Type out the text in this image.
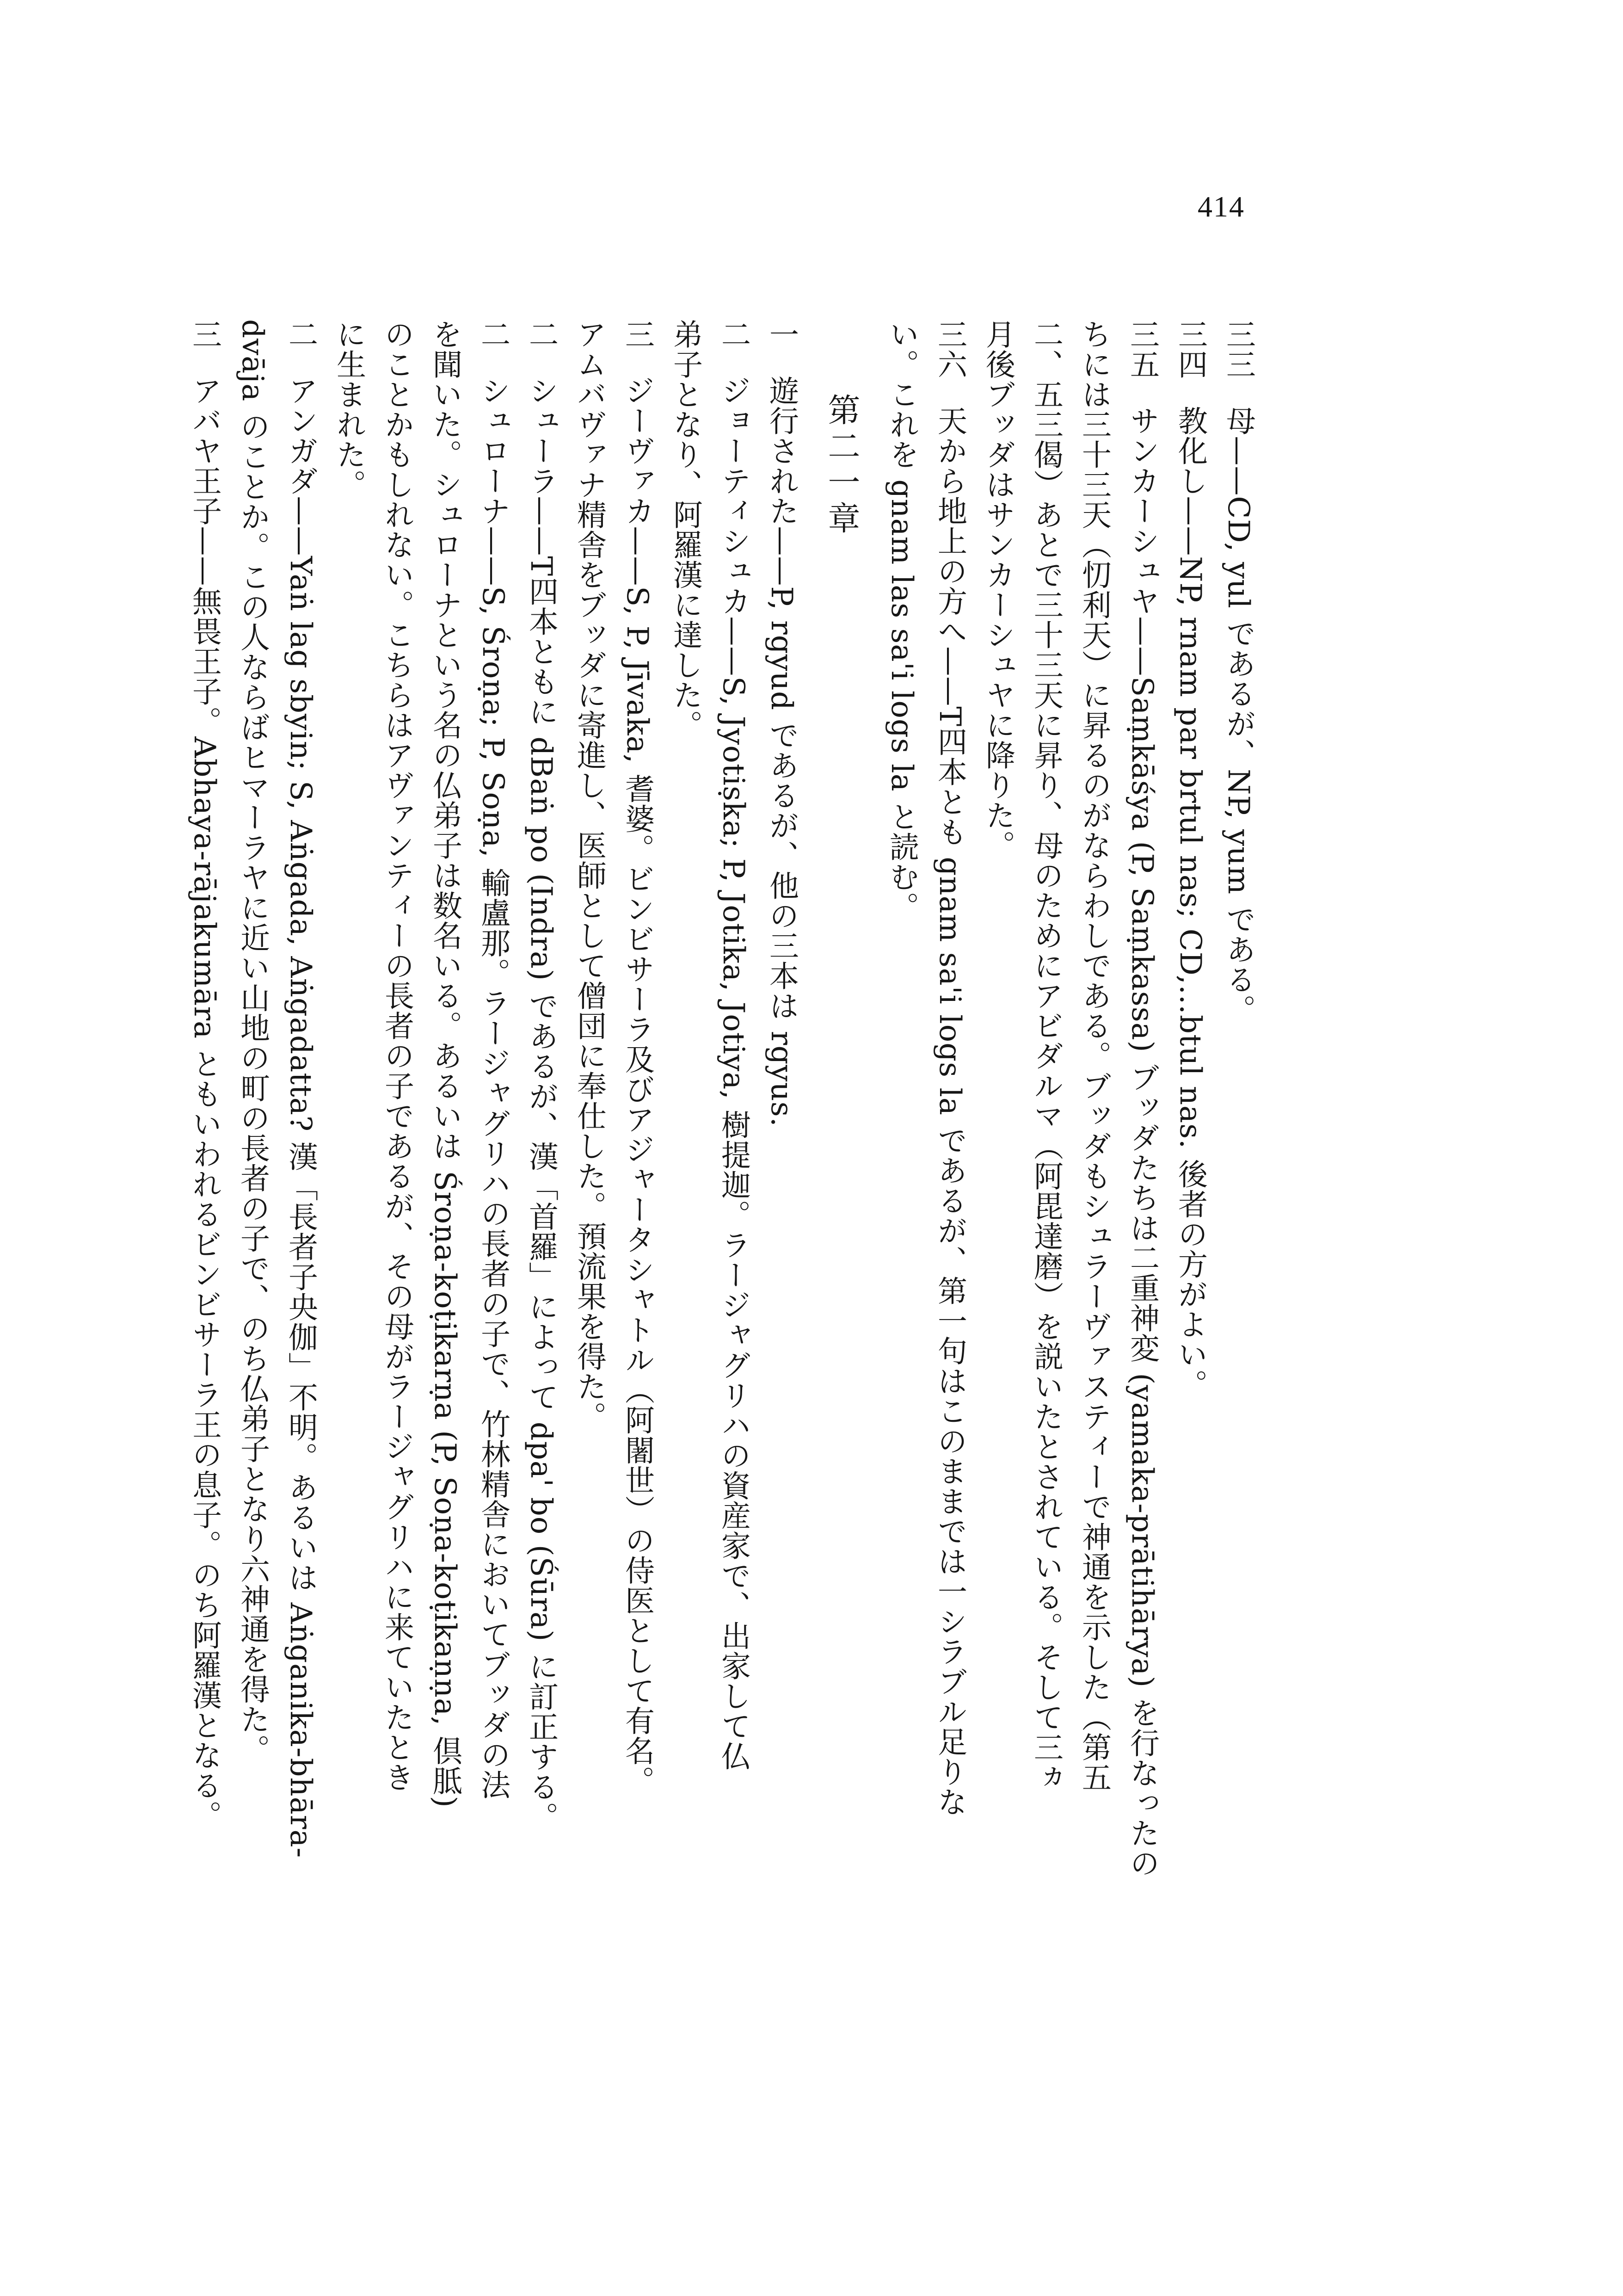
414
三三 母——CD, yul であるが、NP, yum である。
三四 教化し——NP, rnam par brtul nas; CD,…btul nas. 後者の方がよい。
三五 サンカーシュヤ——Saṃkāśya (P, Saṃkassa) ブッダたちは二重神変 (yamaka-prātihārya) を行なったの
ちには三十三天（忉利天）に昇るのがならわしである。ブッダもシュラーヴァスティーで神通を示した（第五
二、五三偈）あとで三十三天に昇り、母のためにアビダルマ（阿毘達磨）を説いたとされている。そして三ヵ
月後ブッダはサンカーシュヤに降りた。
三六 天から地上の方へ——T四本とも gnam sa'i logs la であるが、第一句はこのままでは一シラブル足りな
い。これを gnam las sa'i logs la と読む。
第二一章
一 遊行された——P, rgyud であるが、他の三本は rgyus.
二 ジョーティシュカ——S, Jyotiṣka; P, Jotika, Jotiya, 樹提迦。ラージャグリハの資産家で、出家して仏
弟子となり、阿羅漢に達した。
三 ジーヴァカ——S, P, Jīvaka, 耆婆。ビンビサーラ及びアジャータシャトル（阿闍世）の侍医として有名。
アムバヴァナ精舎をブッダに寄進し、医師として僧団に奉仕した。預流果を得た。
二 シューラ——T四本ともに dBaṅ po (Indra) であるが、漢「首羅」によって dpa' bo (Śūra) に訂正する。
二 シュローナ——S, Śroṇa; P, Soṇa, 輸盧那。ラージャグリハの長者の子で、竹林精舎においてブッダの法
を聞いた。シュローナという名の仏弟子は数名いる。あるいは Śroṇa-koṭikarṇa (P, Soṇa-koṭikaṇṇa, 倶胝)
のことかもしれない。こちらはアヴァンティーの長者の子であるが、その母がラージャグリハに来ていたとき
に生まれた。
二 アンガダ——Yaṅ lag sbyin; S, Aṅgada, Aṅgadatta? 漢「長者子央伽」不明。あるいは Aṅganika-bhāra-
dvāja のことか。この人ならばヒマーラヤに近い山地の町の長者の子で、のち仏弟子となり六神通を得た。
三 アバヤ王子——無畏王子。Abhaya-rājakumāra ともいわれるビンビサーラ王の息子。のち阿羅漢となる。
